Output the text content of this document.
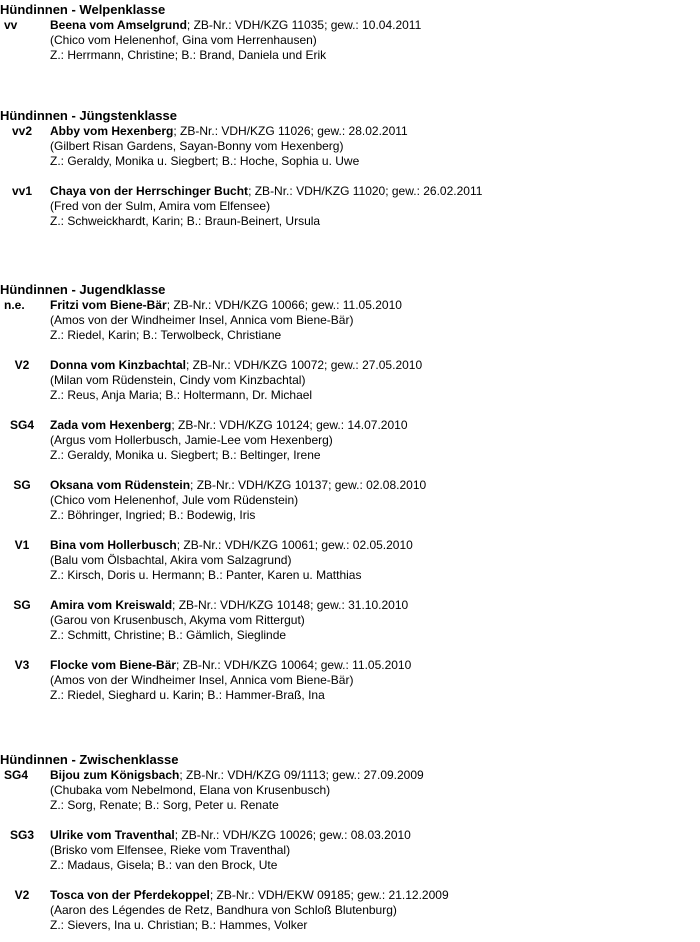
Hündinnen - Welpenklasse
vv	Beena vom Amselgrund; ZB-Nr.: VDH/KZG 11035; gew.: 10.04.2011
(Chico vom Helenenhof, Gina vom Herrenhausen)
Z.: Herrmann, Christine; B.: Brand, Daniela und Erik
Hündinnen - Jüngstenklasse
vv2	Abby vom Hexenberg; ZB-Nr.: VDH/KZG 11026; gew.: 28.02.2011
(Gilbert Risan Gardens, Sayan-Bonny vom Hexenberg)
Z.: Geraldy, Monika u. Siegbert; B.: Hoche, Sophia u. Uwe
vv1	Chaya von der Herrschinger Bucht; ZB-Nr.: VDH/KZG 11020; gew.: 26.02.2011
(Fred von der Sulm, Amira vom Elfensee)
Z.: Schweickhardt, Karin; B.: Braun-Beinert, Ursula
Hündinnen - Jugendklasse
n.e.	Fritzi vom Biene-Bär; ZB-Nr.: VDH/KZG 10066; gew.: 11.05.2010
(Amos von der Windheimer Insel, Annica vom Biene-Bär)
Z.: Riedel, Karin; B.: Terwolbeck, Christiane
V2	Donna vom Kinzbachtal; ZB-Nr.: VDH/KZG 10072; gew.: 27.05.2010
(Milan vom Rüdenstein, Cindy vom Kinzbachtal)
Z.: Reus, Anja Maria; B.: Holtermann, Dr. Michael
SG4	Zada vom Hexenberg; ZB-Nr.: VDH/KZG 10124; gew.: 14.07.2010
(Argus vom Hollerbusch, Jamie-Lee vom Hexenberg)
Z.: Geraldy, Monika u. Siegbert; B.: Beltinger, Irene
SG	Oksana vom Rüdenstein; ZB-Nr.: VDH/KZG 10137; gew.: 02.08.2010
(Chico vom Helenenhof, Jule vom Rüdenstein)
Z.: Böhringer, Ingried; B.: Bodewig, Iris
V1	Bina vom Hollerbusch; ZB-Nr.: VDH/KZG 10061; gew.: 02.05.2010
(Balu vom Ölsbachtal, Akira vom Salzagrund)
Z.: Kirsch, Doris u. Hermann; B.: Panter, Karen u. Matthias
SG	Amira vom Kreiswald; ZB-Nr.: VDH/KZG 10148; gew.: 31.10.2010
(Garou von Krusenbusch, Akyma vom Rittergut)
Z.: Schmitt, Christine; B.: Gämlich, Sieglinde
V3	Flocke vom Biene-Bär; ZB-Nr.: VDH/KZG 10064; gew.: 11.05.2010
(Amos von der Windheimer Insel, Annica vom Biene-Bär)
Z.: Riedel, Sieghard u. Karin; B.: Hammer-Braß, Ina
Hündinnen - Zwischenklasse
SG4	Bijou zum Königsbach; ZB-Nr.: VDH/KZG 09/1113; gew.: 27.09.2009
(Chubaka vom Nebelmond, Elana von Krusenbusch)
Z.: Sorg, Renate; B.: Sorg, Peter u. Renate
SG3	Ulrike vom Traventhal; ZB-Nr.: VDH/KZG 10026; gew.: 08.03.2010
(Brisko vom Elfensee, Rieke vom Traventhal)
Z.: Madaus, Gisela; B.: van den Brock, Ute
V2	Tosca von der Pferdekoppel; ZB-Nr.: VDH/EKW 09185; gew.: 21.12.2009
(Aaron des Légendes de Retz, Bandhura von Schloß Blutenburg)
Z.: Sievers, Ina u. Christian; B.: Hammes, Volker
